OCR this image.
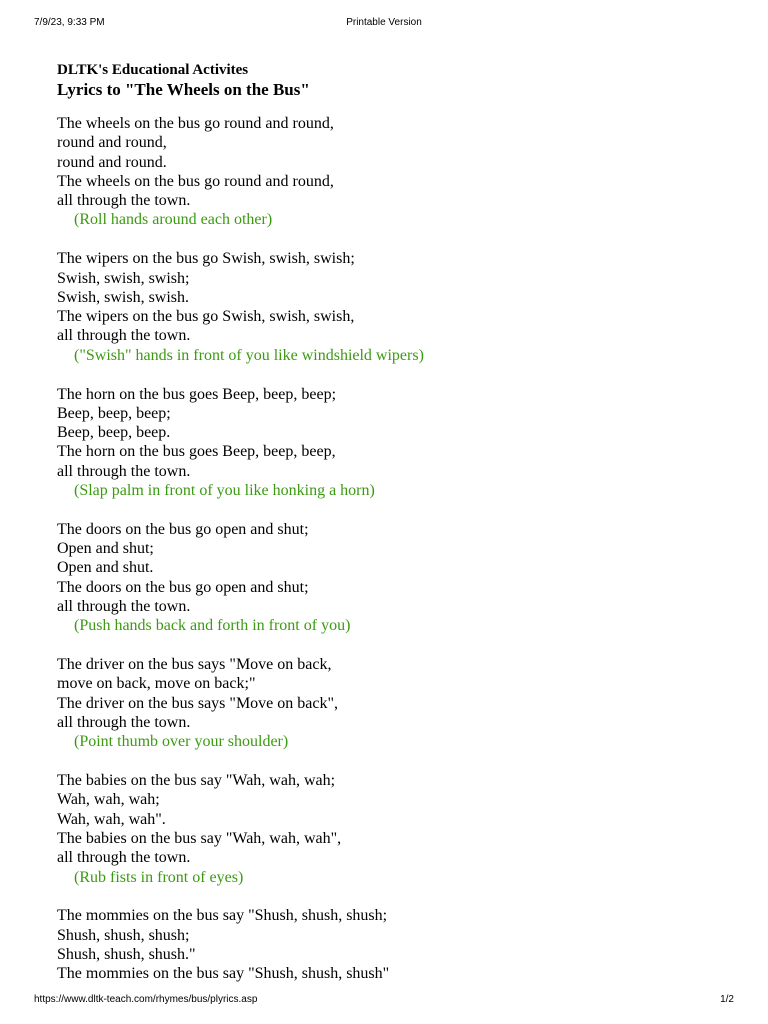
7/9/23, 9:33 PM	Printable Version
DLTK's Educational Activites
Lyrics to "The Wheels on the Bus"
The wheels on the bus go round and round,
round and round,
round and round.
The wheels on the bus go round and round,
all through the town.
(Roll hands around each other)
The wipers on the bus go Swish, swish, swish;
Swish, swish, swish;
Swish, swish, swish.
The wipers on the bus go Swish, swish, swish,
all through the town.
("Swish" hands in front of you like windshield wipers)
The horn on the bus goes Beep, beep, beep;
Beep, beep, beep;
Beep, beep, beep.
The horn on the bus goes Beep, beep, beep,
all through the town.
(Slap palm in front of you like honking a horn)
The doors on the bus go open and shut;
Open and shut;
Open and shut.
The doors on the bus go open and shut;
all through the town.
(Push hands back and forth in front of you)
The driver on the bus says "Move on back,
move on back, move on back;"
The driver on the bus says "Move on back",
all through the town.
(Point thumb over your shoulder)
The babies on the bus say "Wah, wah, wah;
Wah, wah, wah;
Wah, wah, wah".
The babies on the bus say "Wah, wah, wah",
all through the town.
(Rub fists in front of eyes)
The mommies on the bus say "Shush, shush, shush;
Shush, shush, shush;
Shush, shush, shush."
The mommies on the bus say "Shush, shush, shush"
https://www.dltk-teach.com/rhymes/bus/plyrics.asp	1/2
